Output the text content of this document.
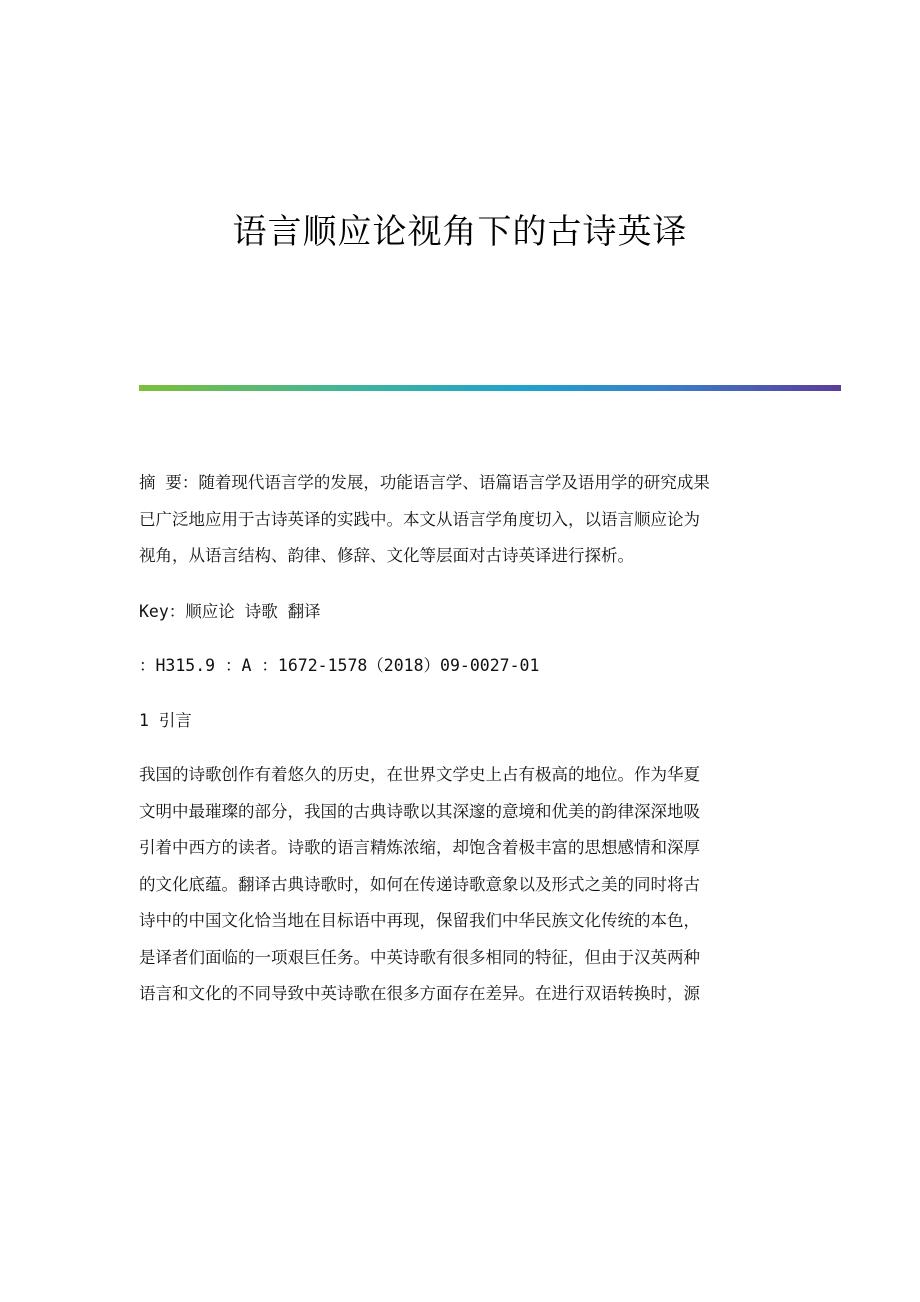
语言顺应论视角下的古诗英译
摘 要：随着现代语言学的发展，功能语言学、语篇语言学及语用学的研究成果
已广泛地应用于古诗英译的实践中。本文从语言学角度切入，以语言顺应论为
视角，从语言结构、韵律、修辞、文化等层面对古诗英译进行探析。
Key：顺应论 诗歌 翻译
：H315.9 ：A ：1672-1578（2018）09-0027-01
1 引言
我国的诗歌创作有着悠久的历史，在世界文学史上占有极高的地位。作为华夏
文明中最璀璨的部分，我国的古典诗歌以其深邃的意境和优美的韵律深深地吸
引着中西方的读者。诗歌的语言精炼浓缩，却饱含着极丰富的思想感情和深厚
的文化底蕴。翻译古典诗歌时，如何在传递诗歌意象以及形式之美的同时将古
诗中的中国文化恰当地在目标语中再现，保留我们中华民族文化传统的本色，
是译者们面临的一项艰巨任务。中英诗歌有很多相同的特征，但由于汉英两种
语言和文化的不同导致中英诗歌在很多方面存在差异。在进行双语转换时，源
